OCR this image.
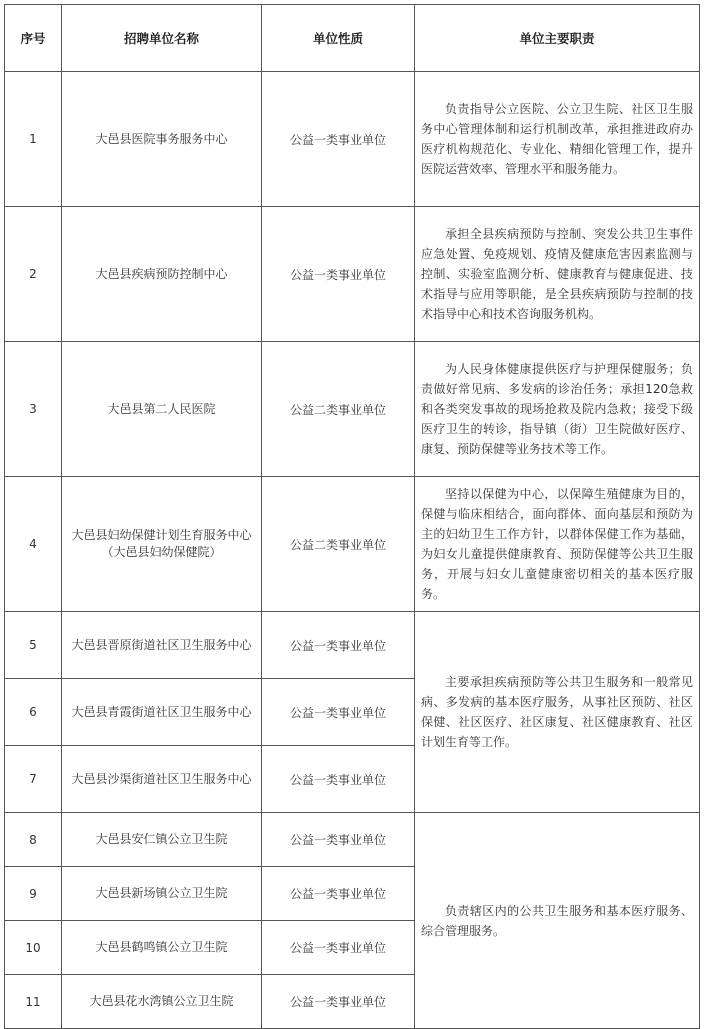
序号	招聘单位名称	单位性质	单位主要职责
1	大邑县医院事务服务中心	公益一类事业单位	负责指导公立医院、公立卫生院、社区卫生服务中心管理体制和运行机制改革，承担推进政府办医疗机构规范化、专业化、精细化管理工作，提升医院运营效率、管理水平和服务能力。
2	大邑县疾病预防控制中心	公益一类事业单位	承担全县疾病预防与控制、突发公共卫生事件应急处置、免疫规划、疫情及健康危害因素监测与控制、实验室监测分析、健康教育与健康促进、技术指导与应用等职能，是全县疾病预防与控制的技术指导中心和技术咨询服务机构。
3	大邑县第二人民医院	公益二类事业单位	为人民身体健康提供医疗与护理保健服务；负责做好常见病、多发病的诊治任务；承担120急救和各类突发事故的现场抢救及院内急救；接受下级医疗卫生的转诊，指导镇（街）卫生院做好医疗、康复、预防保健等业务技术等工作。
4	大邑县妇幼保健计划生育服务中心（大邑县妇幼保健院）	公益二类事业单位	坚持以保健为中心，以保障生殖健康为目的，保健与临床相结合，面向群体、面向基层和预防为主的妇幼卫生工作方针，以群体保健工作为基础，为妇女儿童提供健康教育、预防保健等公共卫生服务，开展与妇女儿童健康密切相关的基本医疗服务。
5	大邑县晋原街道社区卫生服务中心	公益一类事业单位	主要承担疾病预防等公共卫生服务和一般常见病、多发病的基本医疗服务，从事社区预防、社区保健、社区医疗、社区康复、社区健康教育、社区计划生育等工作。
6	大邑县青霞街道社区卫生服务中心	公益一类事业单位	
7	大邑县沙渠街道社区卫生服务中心	公益一类事业单位	
8	大邑县安仁镇公立卫生院	公益一类事业单位	负责辖区内的公共卫生服务和基本医疗服务、综合管理服务。
9	大邑县新场镇公立卫生院	公益一类事业单位	
10	大邑县鹤鸣镇公立卫生院	公益一类事业单位	
11	大邑县花水湾镇公立卫生院	公益一类事业单位	
